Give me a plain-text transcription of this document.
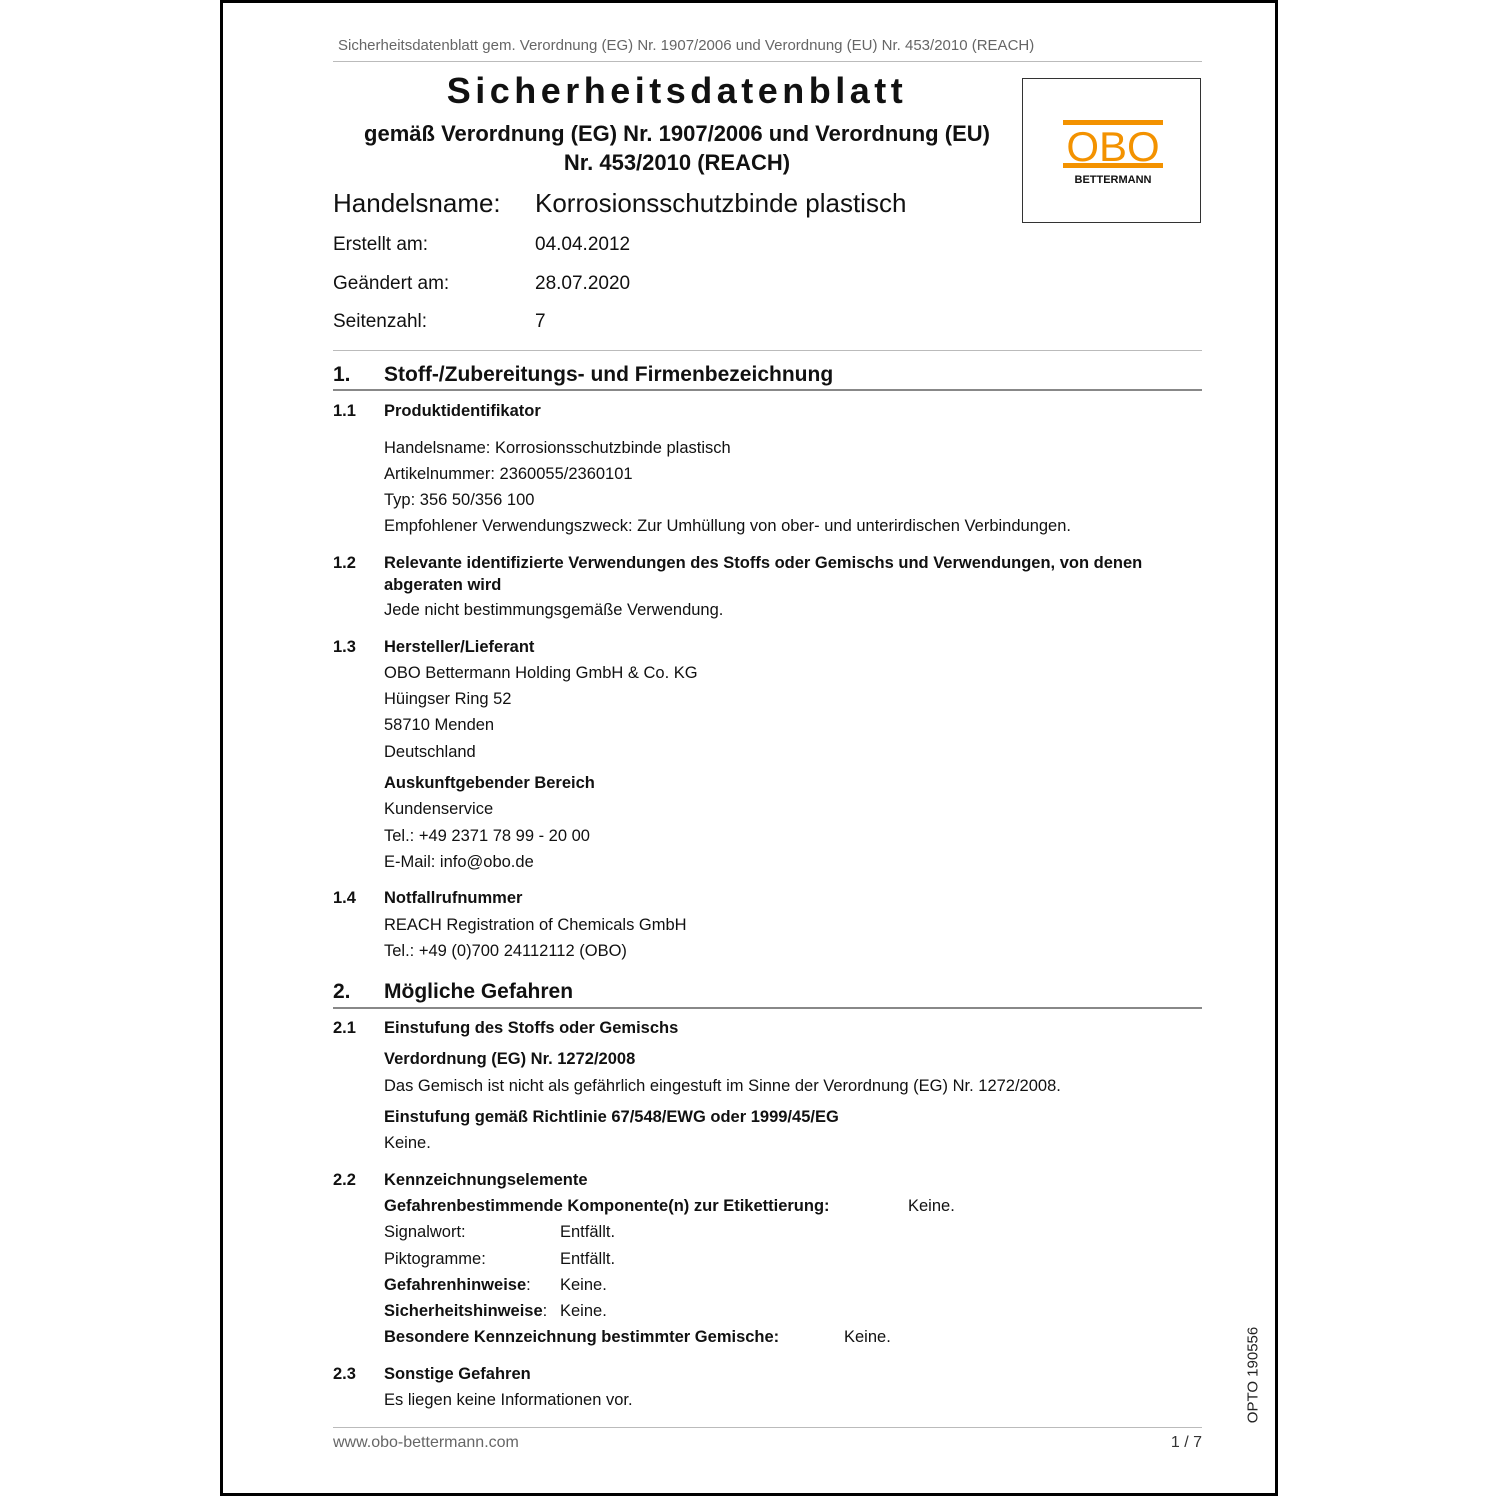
Sicherheitsdatenblatt gem. Verordnung (EG) Nr. 1907/2006 und Verordnung (EU) Nr. 453/2010 (REACH)
Sicherheitsdatenblatt
gemäß Verordnung (EG) Nr. 1907/2006 und Verordnung (EU)
Nr. 453/2010 (REACH)	OBO
BETTERMANN
Handelsname: Korrosionsschutzbinde plastisch
Erstellt am:	04.04.2012
Geändert am:	28.07.2020
Seitenzahl:	7
1. Stoff-/Zubereitungs- und Firmenbezeichnung
1.1 Produktidentifikator
Handelsname: Korrosionsschutzbinde plastisch
Artikelnummer: 2360055/2360101
Typ: 356 50/356 100
Empfohlener Verwendungszweck: Zur Umhüllung von ober- und unterirdischen Verbindungen.
1.2 Relevante identifizierte Verwendungen des Stoffs oder Gemischs und Verwendungen, von denen
abgeraten wird
Jede nicht bestimmungsgemäße Verwendung.
1.3 Hersteller/Lieferant
OBO Bettermann Holding GmbH & Co. KG
Hüingser Ring 52
58710 Menden
Deutschland
Auskunftgebender Bereich
Kundenservice
Tel.: +49 2371 78 99 - 20 00
E-Mail: info@obo.de
1.4 Notfallrufnummer
REACH Registration of Chemicals GmbH
Tel.: +49 (0)700 24112112 (OBO)
2. Mögliche Gefahren
2.1 Einstufung des Stoffs oder Gemischs
Verdordnung (EG) Nr. 1272/2008
Das Gemisch ist nicht als gefährlich eingestuft im Sinne der Verordnung (EG) Nr. 1272/2008.
Einstufung gemäß Richtlinie 67/548/EWG oder 1999/45/EG
Keine.
2.2 Kennzeichnungselemente
Gefahrenbestimmende Komponente(n) zur Etikettierung:	Keine.
Signalwort:	Entfällt.
Piktogramme:	Entfällt.
Gefahrenhinweise: Keine.
Sicherheitshinweise: Keine.
Besondere Kennzeichnung bestimmter Gemische:	Keine.
2.3 Sonstige Gefahren
Es liegen keine Informationen vor.
www.obo-bettermann.com	1 / 7
OPTO 190556
